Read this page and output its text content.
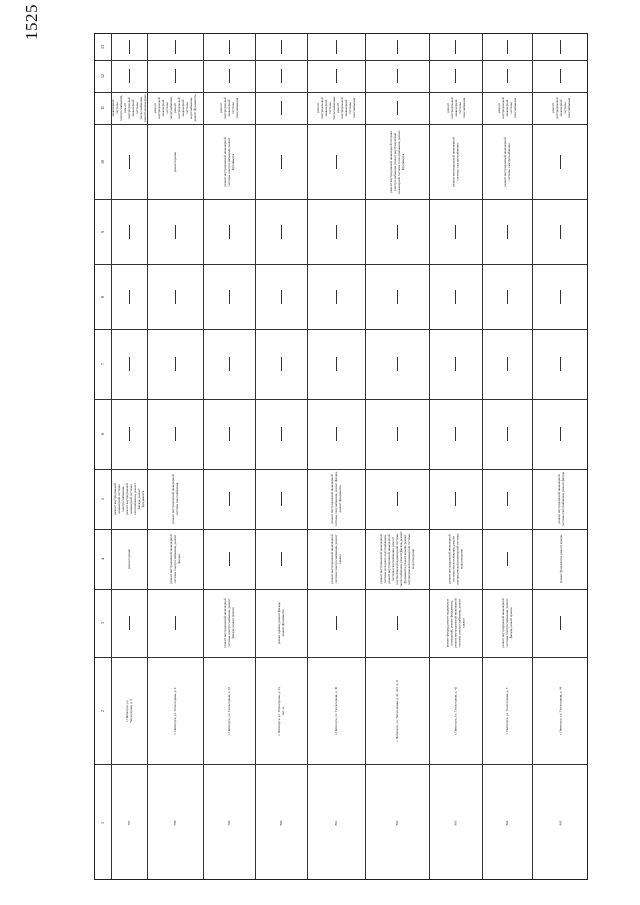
1525
13
12
11
10
9
8
7
6
5
4
3
2
1
инженерной системы электроснабжения, ремонт внутридомовой инженерной системы теплоснабжения, ремонт инженерных
ремонт внутридомовой инженерной системы электроснабжения, ремонт внутридомовой инженерной системы газоснабжения, ремонт фасада, ремонт фундамента
ремонт крыши
г. Пятигорск, ул. Теплосерная, д. 5
797
ремонт внутридомовой инженерной системы теплоснабжения, ремонт внутридомовой инженерной системы водоснабжения, ремонт фундамента
ремонт крыши
ремонт внутридомовой инженерной системы газоснабжения
ремонт внутридомовой инженерной системы электроснабжения, ремонт фасада
г. Пятигорск, ул. Теплосерная, д. 9
798
ремонт внутридомовой инженерной системы газоснабжения
ремонт внутридомовой инженерной системы электроснабжения, ремонт фундамента
ремонт внутридомовой инженерной системы электроснабжения, ремонт фасада, ремонт крыши
г. Пятигорск, ул. Теплосерная, д. 10
799
ремонт крыши, ремонт фасада, ремонт фундамента
г. Пятигорск, ул. Теплосерная, д. 33, лит. А
800
ремонт внутридомовой инженерной системы теплоснабжения, ремонт внутридомовой инженерной системы газоснабжения
ремонт внутридомовой инженерной системы газоснабжения, ремонт фасада, ремонт фундамента
ремонт внутридомовой инженерной системы электроснабжения, ремонт крыши
г. Пятигорск, ул. Теплосерная, д. 36
801
ремонт внутридомовой инженерной системы электроснабжения, ремонт внутридомовой инженерной системы теплоснабжения, ремонт фундамента
ремонт внутридомовой инженерной системы холодного водоснабжения, ремонт внутридомовой инженерной системы газоснабжения, ремонт внутридомовой инженерной системы теплоснабжения, ремонт фасада, ремонт фундамента, ремонт крыши, ремонт внутридомовой инженерной системы водоотведения
г. Пятигорск, ул. Теплосерная, д. 41, лит. А, Б
802
ремонт внутридомовой инженерной системы газоснабжения
ремонт внутридомовой инженерной системы электроснабжения
ремонт внутридомовой инженерной системы теплоснабжения, ремонт внутридомовой инженерной системы водоотведения
ремонт фасада, ремонт подвальных помещений, ремонт фундамента, ремонт внутридомовой инженерной системы электроснабжения, ремонт крыши
г. Пятигорск, ул. Теплосерная, д. 42
803
ремонт внутридомовой инженерной системы газоснабжения
ремонт внутридомовой инженерной системы электроснабжения
ремонт внутридомовой инженерной системы электроснабжения, ремонт фасада, ремонт крыши
г. Пятигорск, ул. Теплосерная, д. 5
804
ремонт внутридомовой инженерной системы газоснабжения
ремонт внутридомовой инженерной системы газоснабжения, ремонт фасада
ремонт фундамента, ремонт крыши
г. Пятигорск, ул. Теплосерная, д. 54
805
